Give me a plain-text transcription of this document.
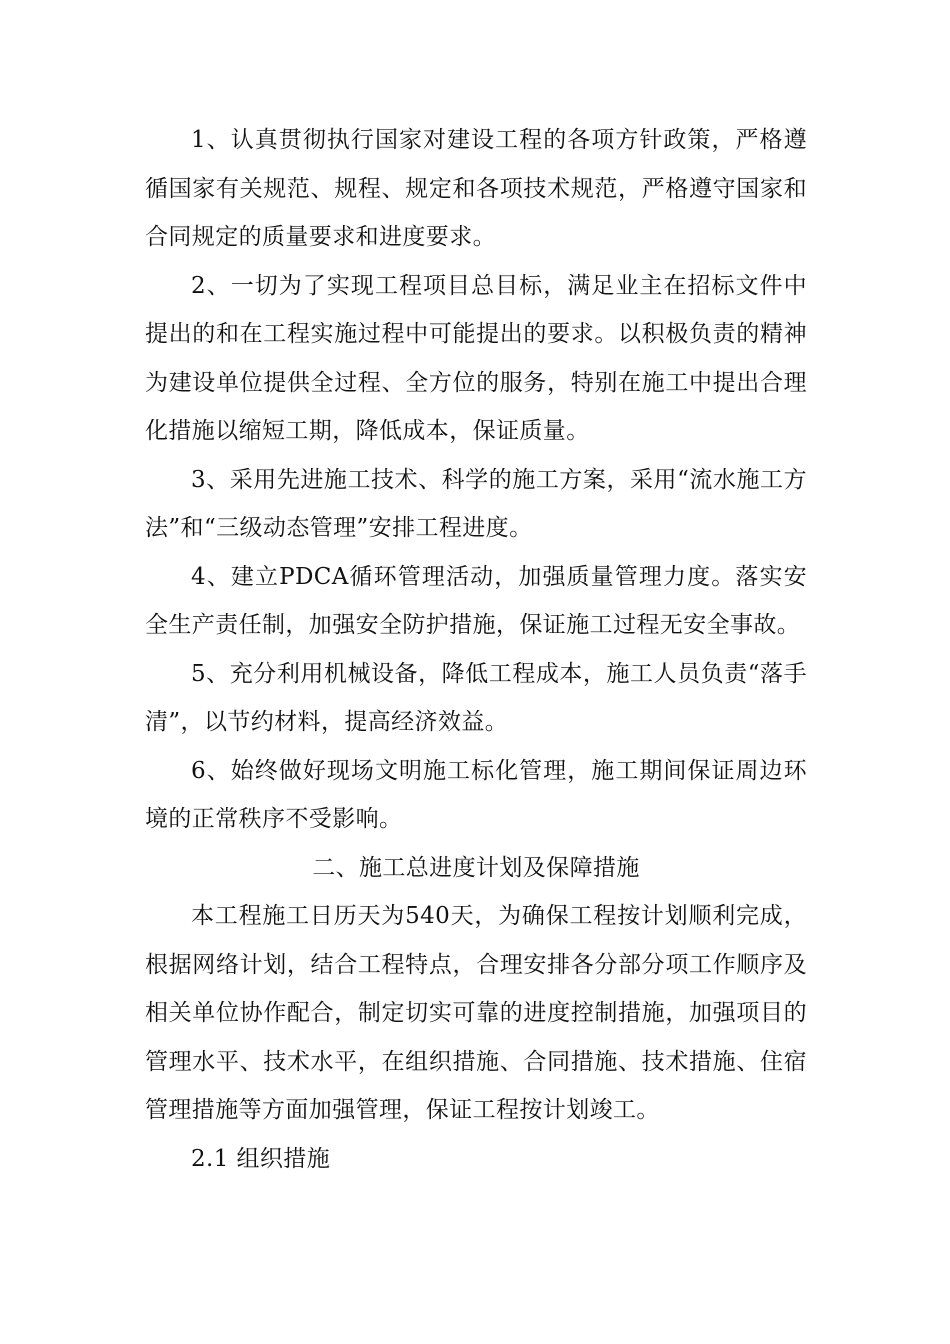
1、认真贯彻执行国家对建设工程的各项方针政策，严格遵循国家有关规范、规程、规定和各项技术规范，严格遵守国家和合同规定的质量要求和进度要求。

2、一切为了实现工程项目总目标，满足业主在招标文件中提出的和在工程实施过程中可能提出的要求。以积极负责的精神为建设单位提供全过程、全方位的服务，特别在施工中提出合理化措施以缩短工期，降低成本，保证质量。

3、采用先进施工技术、科学的施工方案，采用“流水施工方法”和“三级动态管理”安排工程进度。

4、建立PDCA循环管理活动，加强质量管理力度。落实安全生产责任制，加强安全防护措施，保证施工过程无安全事故。

5、充分利用机械设备，降低工程成本，施工人员负责“落手清”，以节约材料，提高经济效益。

6、始终做好现场文明施工标化管理，施工期间保证周边环境的正常秩序不受影响。

二、施工总进度计划及保障措施

本工程施工日历天为540天，为确保工程按计划顺利完成，根据网络计划，结合工程特点，合理安排各分部分项工作顺序及相关单位协作配合，制定切实可靠的进度控制措施，加强项目的管理水平、技术水平，在组织措施、合同措施、技术措施、住宿管理措施等方面加强管理，保证工程按计划竣工。

2.1 组织措施
